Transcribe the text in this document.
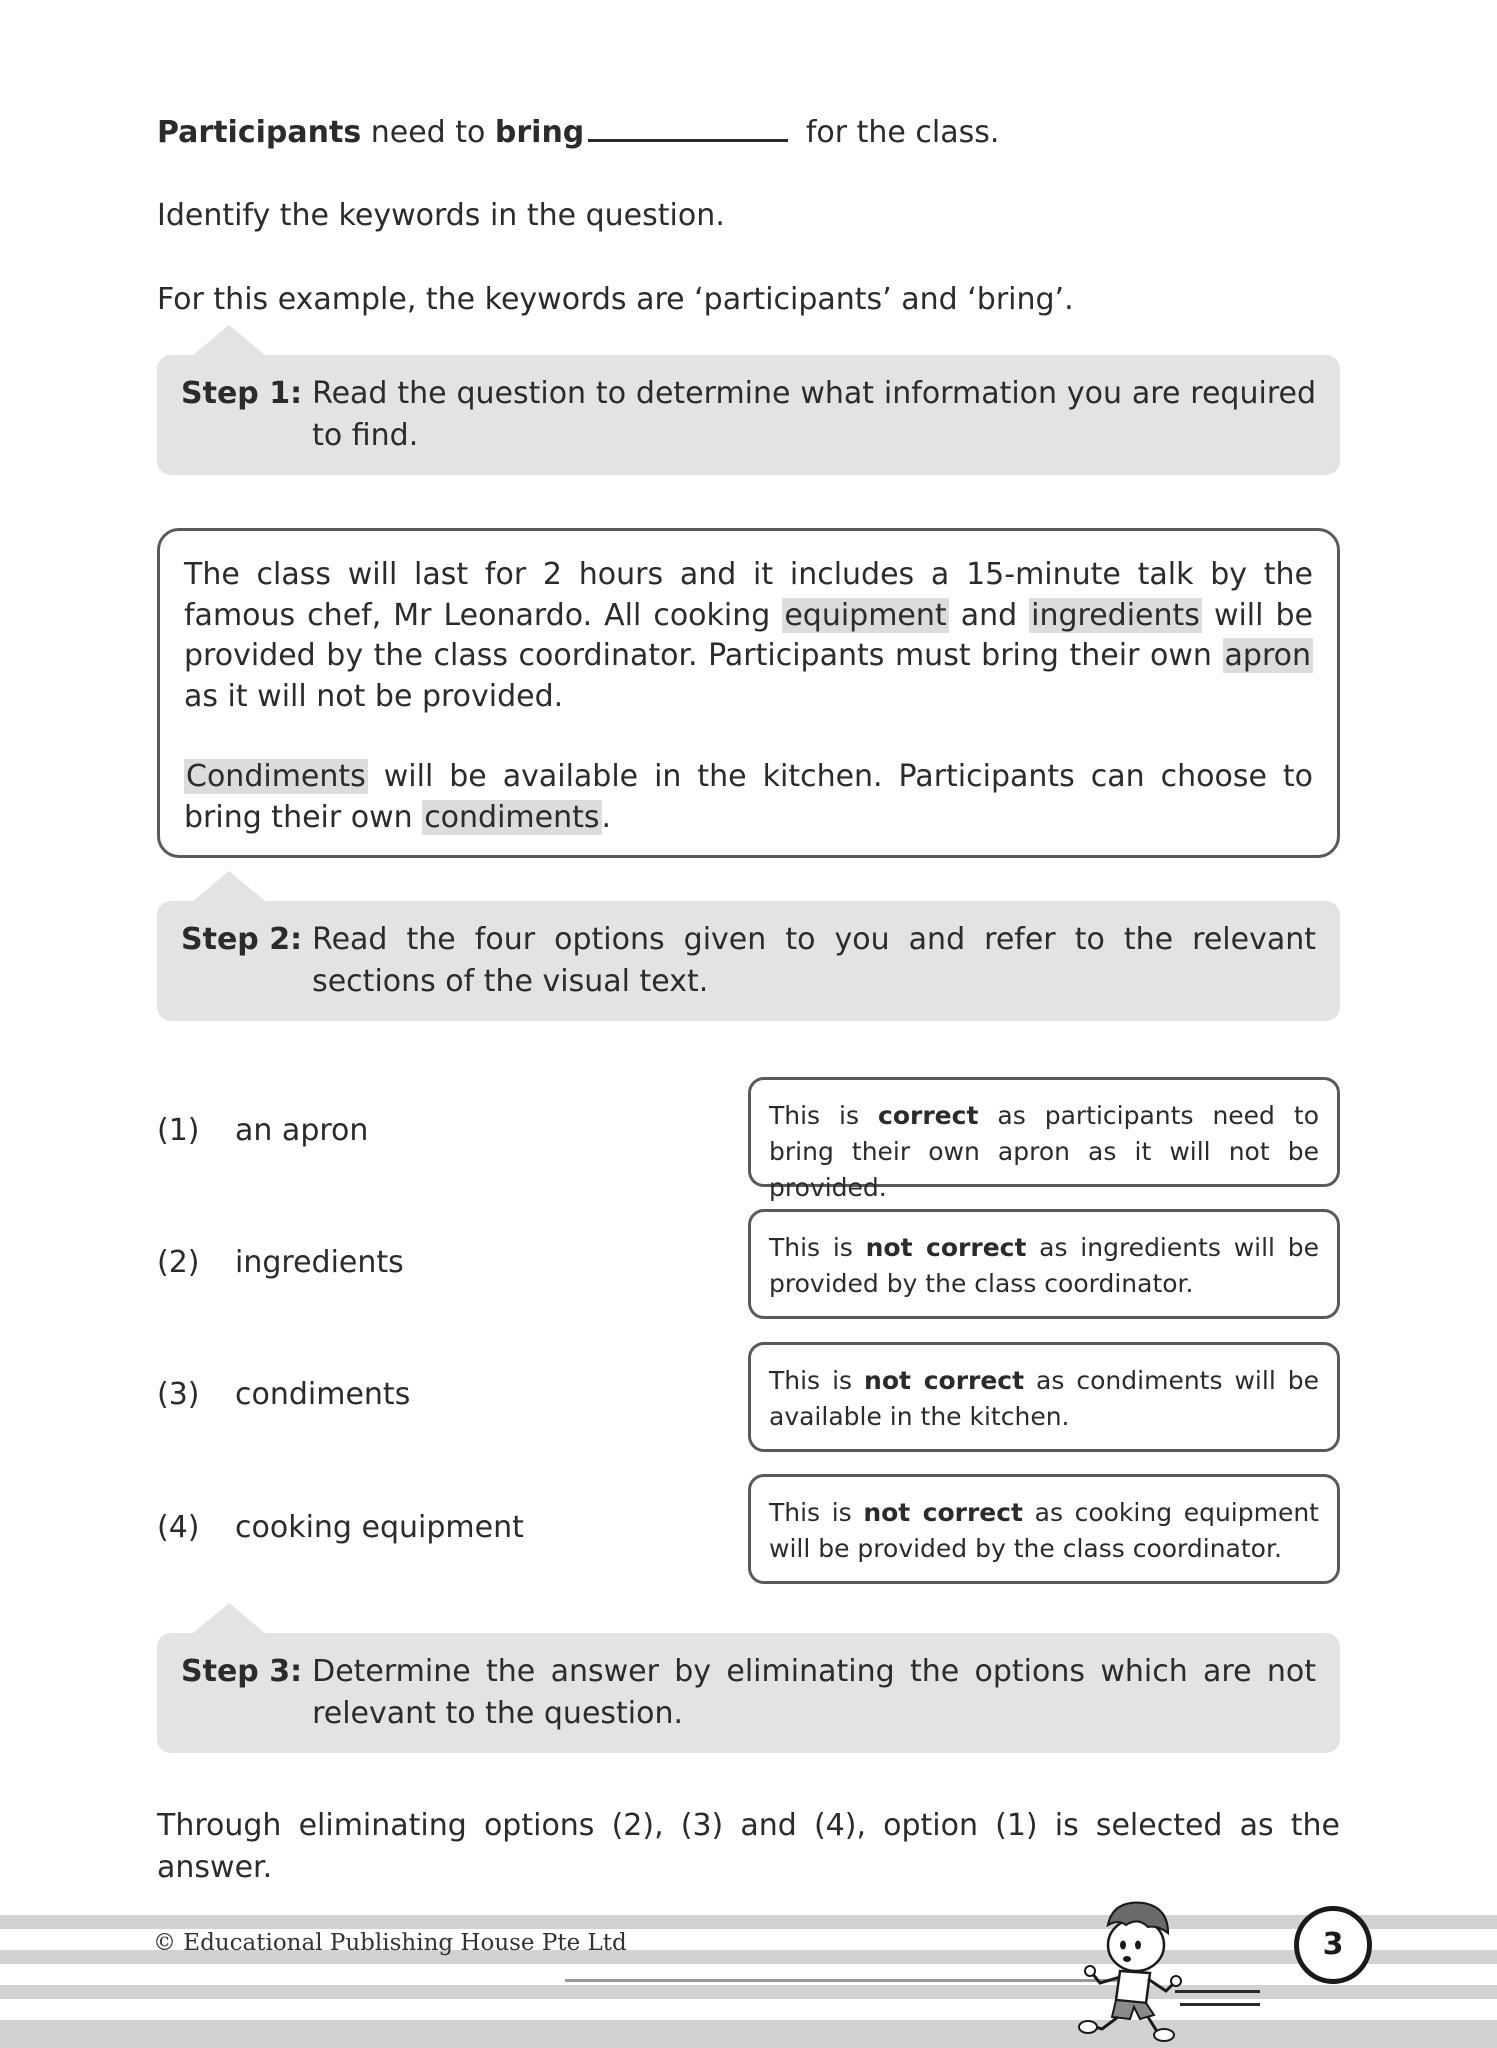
Participants need to bring	for the class.
Identify the keywords in the question.
For this example, the keywords are ‘participants’ and ‘bring’.
Step 1: Read the question to determine what information you are required to find.

The class will last for 2 hours and it includes a 15-minute talk by the famous chef, Mr Leonardo. All cooking equipment and ingredients will be provided by the class coordinator. Participants must bring their own apron as it will not be provided.

Condiments will be available in the kitchen. Participants can choose to bring their own condiments.

Step 2: Read the four options given to you and refer to the relevant sections of the visual text.
(1) an apron	This is correct as participants need to bring their own apron as it will not be provided.
(2) ingredients	This is not correct as ingredients will be provided by the class coordinator.
(3) condiments	This is not correct as condiments will be available in the kitchen.
(4) cooking equipment	This is not correct as cooking equipment will be provided by the class coordinator.
Step 3: Determine the answer by eliminating the options which are not relevant to the question.
Through eliminating options (2), (3) and (4), option (1) is selected as the answer.
© Educational Publishing House Pte Ltd	3
